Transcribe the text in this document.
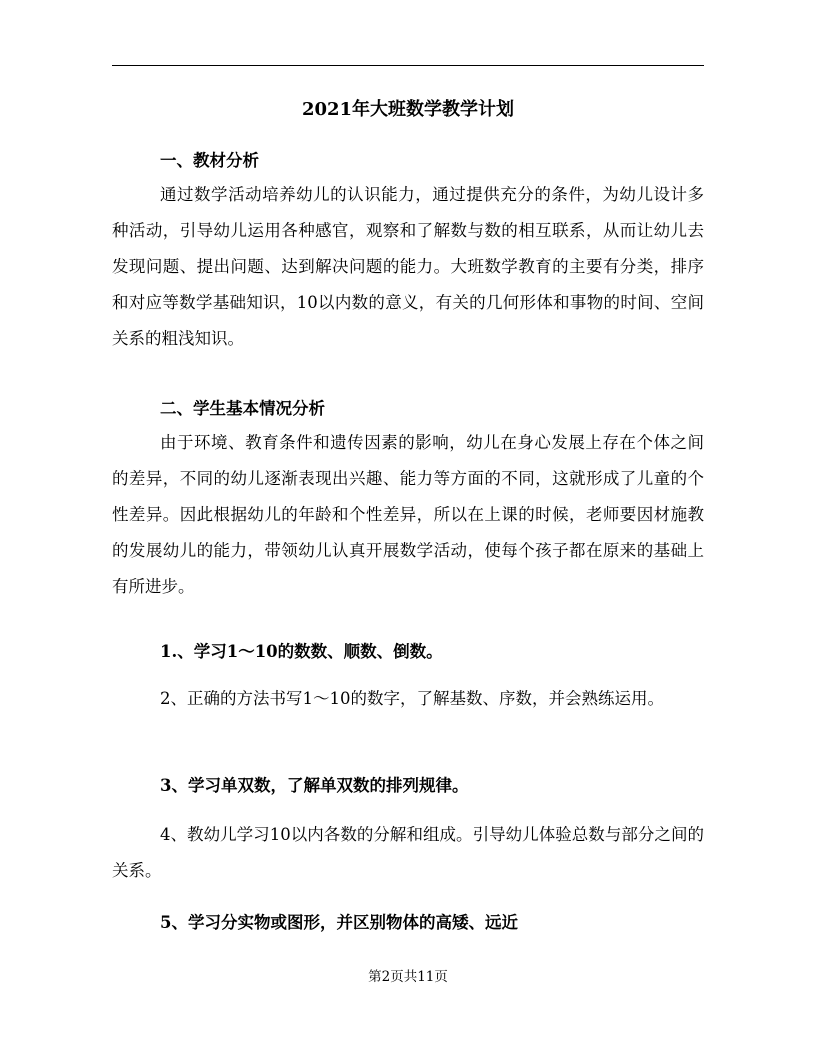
2021年大班数学教学计划

一、教材分析

通过数学活动培养幼儿的认识能力，通过提供充分的条件，为幼儿设计多种活动，引导幼儿运用各种感官，观察和了解数与数的相互联系，从而让幼儿去发现问题、提出问题、达到解决问题的能力。大班数学教育的主要有分类，排序和对应等数学基础知识，10以内数的意义，有关的几何形体和事物的时间、空间关系的粗浅知识。

二、学生基本情况分析

由于环境、教育条件和遗传因素的影响，幼儿在身心发展上存在个体之间的差异，不同的幼儿逐渐表现出兴趣、能力等方面的不同，这就形成了儿童的个性差异。因此根据幼儿的年龄和个性差异，所以在上课的时候，老师要因材施教的发展幼儿的能力，带领幼儿认真开展数学活动，使每个孩子都在原来的基础上有所进步。

1.、学习1～10的数数、顺数、倒数。

2、正确的方法书写1～10的数字，了解基数、序数，并会熟练运用。

3、学习单双数，了解单双数的排列规律。

4、教幼儿学习10以内各数的分解和组成。引导幼儿体验总数与部分之间的关系。

5、学习分实物或图形，并区别物体的高矮、远近

第2页共11页
